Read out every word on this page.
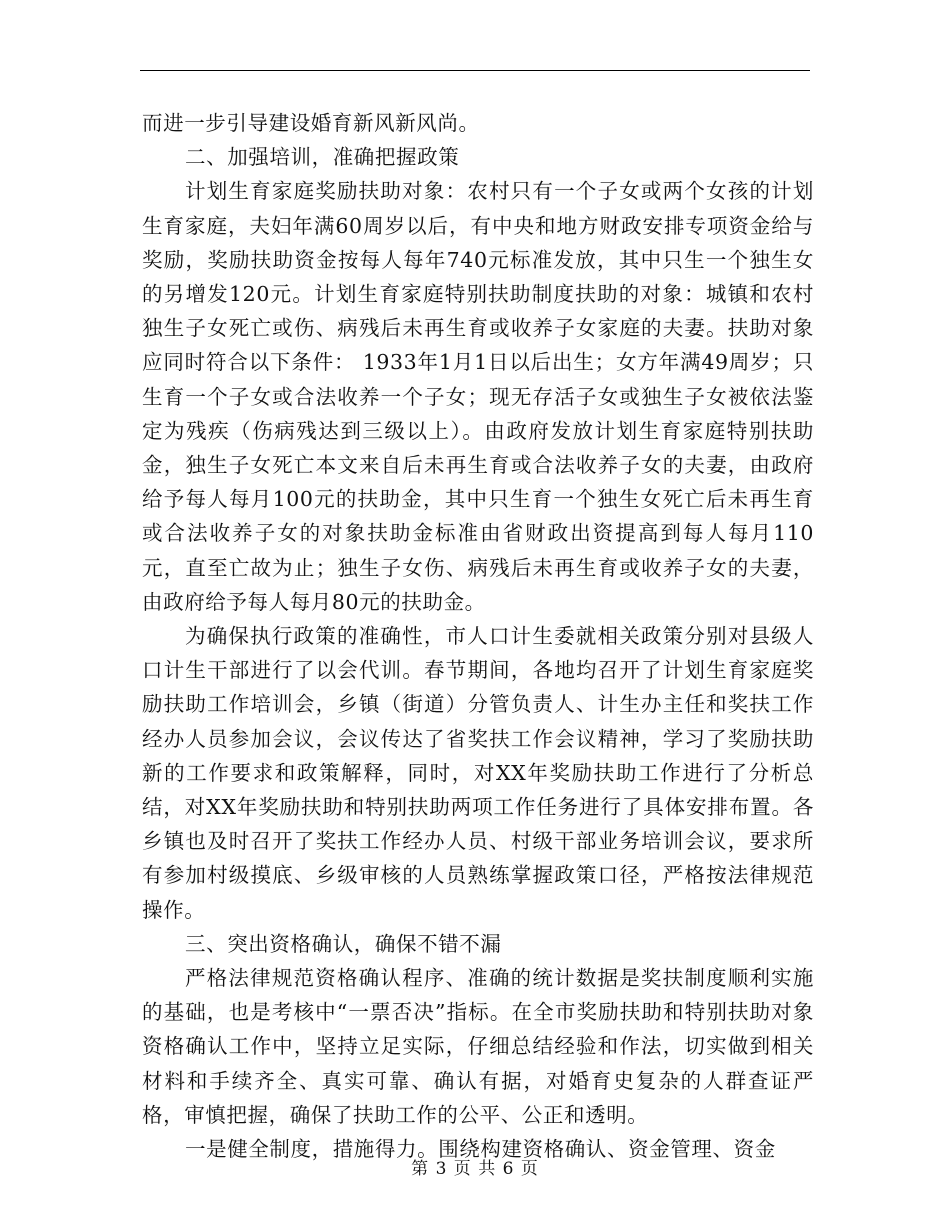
而进一步引导建设婚育新风新风尚。

二、加强培训，准确把握政策

计划生育家庭奖励扶助对象：农村只有一个子女或两个女孩的计划生育家庭，夫妇年满60周岁以后，有中央和地方财政安排专项资金给与奖励，奖励扶助资金按每人每年740元标准发放，其中只生一个独生女的另增发120元。计划生育家庭特别扶助制度扶助的对象：城镇和农村独生子女死亡或伤、病残后未再生育或收养子女家庭的夫妻。扶助对象应同时符合以下条件： 1933年1月1日以后出生；女方年满49周岁；只生育一个子女或合法收养一个子女；现无存活子女或独生子女被依法鉴定为残疾（伤病残达到三级以上）。由政府发放计划生育家庭特别扶助金，独生子女死亡本文来自后未再生育或合法收养子女的夫妻，由政府给予每人每月100元的扶助金，其中只生育一个独生女死亡后未再生育或合法收养子女的对象扶助金标准由省财政出资提高到每人每月110元，直至亡故为止；独生子女伤、病残后未再生育或收养子女的夫妻，由政府给予每人每月80元的扶助金。

为确保执行政策的准确性，市人口计生委就相关政策分别对县级人口计生干部进行了以会代训。春节期间，各地均召开了计划生育家庭奖励扶助工作培训会，乡镇（街道）分管负责人、计生办主任和奖扶工作经办人员参加会议，会议传达了省奖扶工作会议精神，学习了奖励扶助新的工作要求和政策解释，同时，对XX年奖励扶助工作进行了分析总结，对XX年奖励扶助和特别扶助两项工作任务进行了具体安排布置。各乡镇也及时召开了奖扶工作经办人员、村级干部业务培训会议，要求所有参加村级摸底、乡级审核的人员熟练掌握政策口径，严格按法律规范操作。

三、突出资格确认，确保不错不漏

严格法律规范资格确认程序、准确的统计数据是奖扶制度顺利实施的基础，也是考核中“一票否决”指标。在全市奖励扶助和特别扶助对象资格确认工作中，坚持立足实际，仔细总结经验和作法，切实做到相关材料和手续齐全、真实可靠、确认有据，对婚育史复杂的人群查证严格，审慎把握，确保了扶助工作的公平、公正和透明。

一是健全制度，措施得力。围绕构建资格确认、资金管理、资金

第 3 页 共 6 页
